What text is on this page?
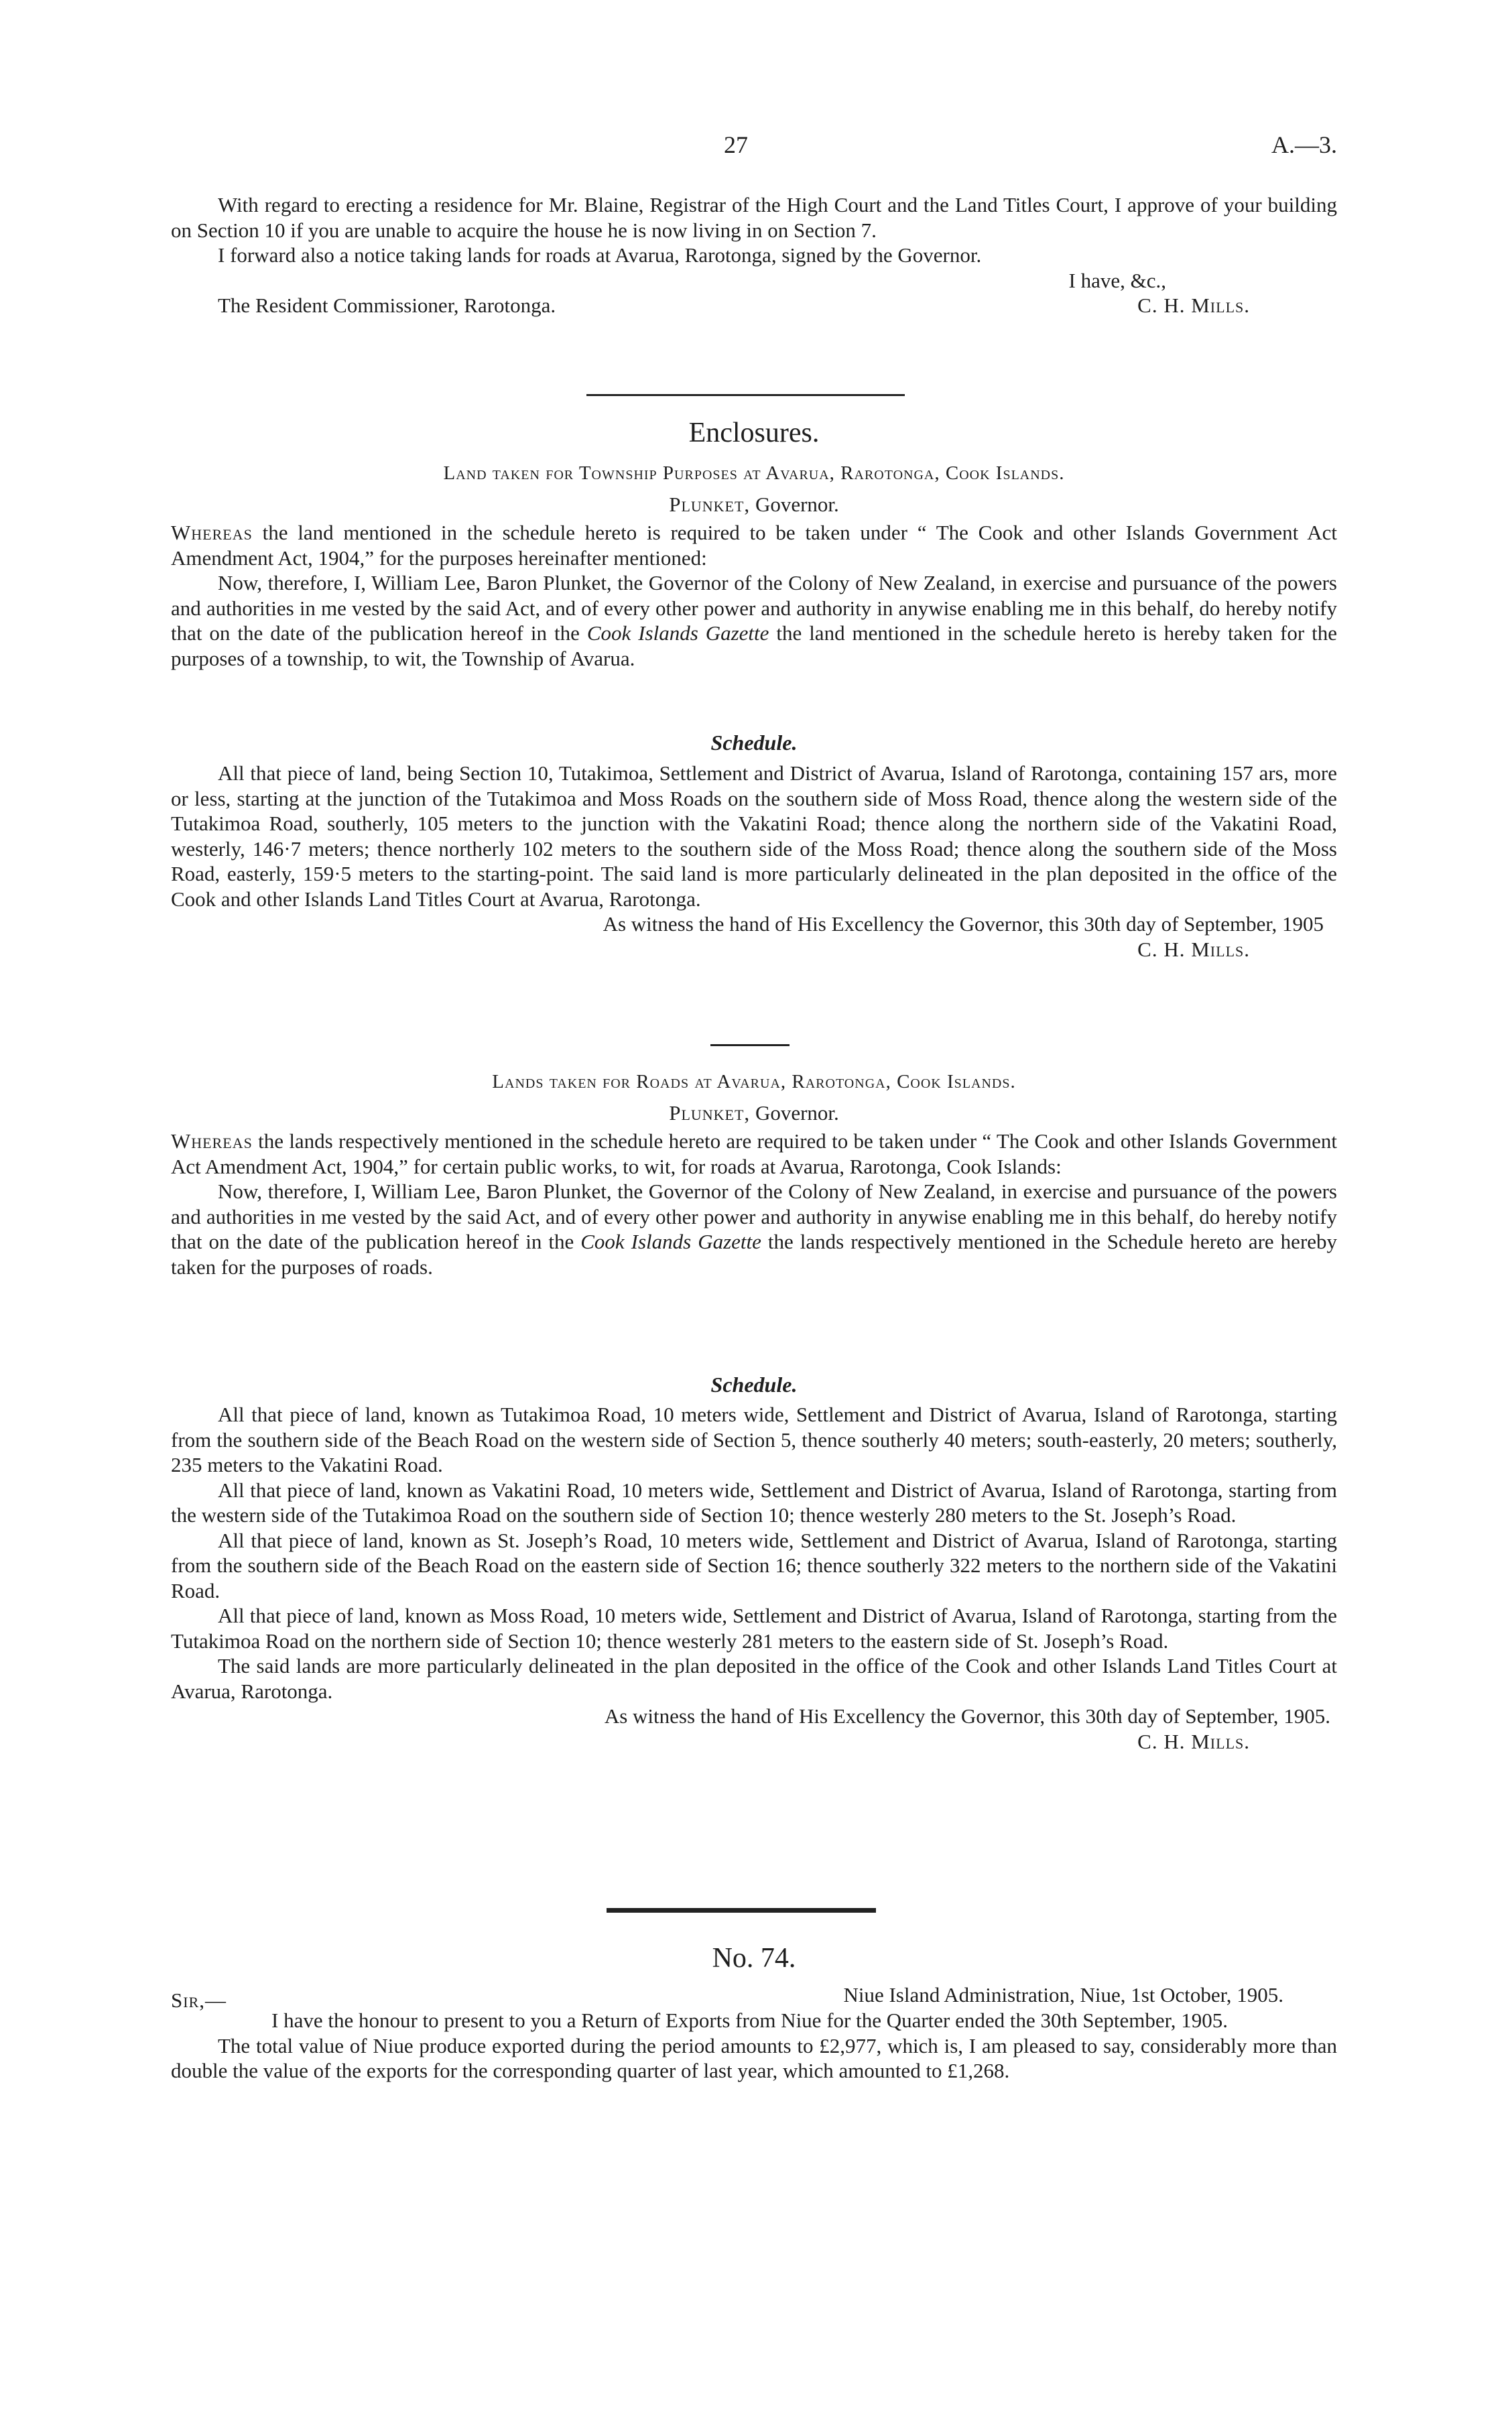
27	A.—3.

With regard to erecting a residence for Mr. Blaine, Registrar of the High Court and the Land Titles Court, I approve of your building on Section 10 if you are unable to acquire the house he is now living in on Section 7.

I forward also a notice taking lands for roads at Avarua, Rarotonga, signed by the Governor.

I have, &c.,

The Resident Commissioner, Rarotonga.	C. H. Mills.
Enclosures.
Land taken for Township Purposes at Avarua, Rarotonga, Cook Islands.
Plunket, Governor.

Whereas the land mentioned in the schedule hereto is required to be taken under “ The Cook and other Islands Government Act Amendment Act, 1904,” for the purposes hereinafter mentioned:

Now, therefore, I, William Lee, Baron Plunket, the Governor of the Colony of New Zealand, in exercise and pursuance of the powers and authorities in me vested by the said Act, and of every other power and authority in anywise enabling me in this behalf, do hereby notify that on the date of the publication hereof in the Cook Islands Gazette the land mentioned in the schedule hereto is hereby taken for the purposes of a township, to wit, the Township of Avarua.

Schedule.

All that piece of land, being Section 10, Tutakimoa, Settlement and District of Avarua, Island of Rarotonga, containing 157 ars, more or less, starting at the junction of the Tutakimoa and Moss Roads on the southern side of Moss Road, thence along the western side of the Tutakimoa Road, southerly, 105 meters to the junction with the Vakatini Road; thence along the northern side of the Vakatini Road, westerly, 146·7 meters; thence northerly 102 meters to the southern side of the Moss Road; thence along the southern side of the Moss Road, easterly, 159·5 meters to the starting-point. The said land is more particularly delineated in the plan deposited in the office of the Cook and other Islands Land Titles Court at Avarua, Rarotonga.

As witness the hand of His Excellency the Governor, this 30th day of September, 1905

C. H. Mills.

Lands taken for Roads at Avarua, Rarotonga, Cook Islands.
Plunket, Governor.

Whereas the lands respectively mentioned in the schedule hereto are required to be taken under “ The Cook and other Islands Government Act Amendment Act, 1904,” for certain public works, to wit, for roads at Avarua, Rarotonga, Cook Islands:

Now, therefore, I, William Lee, Baron Plunket, the Governor of the Colony of New Zealand, in exercise and pursuance of the powers and authorities in me vested by the said Act, and of every other power and authority in anywise enabling me in this behalf, do hereby notify that on the date of the publication hereof in the Cook Islands Gazette the lands respectively mentioned in the Schedule hereto are hereby taken for the purposes of roads.

Schedule.

All that piece of land, known as Tutakimoa Road, 10 meters wide, Settlement and District of Avarua, Island of Rarotonga, starting from the southern side of the Beach Road on the western side of Section 5, thence southerly 40 meters; south-easterly, 20 meters; southerly, 235 meters to the Vakatini Road.

All that piece of land, known as Vakatini Road, 10 meters wide, Settlement and District of Avarua, Island of Rarotonga, starting from the western side of the Tutakimoa Road on the southern side of Section 10; thence westerly 280 meters to the St. Joseph’s Road.

All that piece of land, known as St. Joseph’s Road, 10 meters wide, Settlement and District of Avarua, Island of Rarotonga, starting from the southern side of the Beach Road on the eastern side of Section 16; thence southerly 322 meters to the northern side of the Vakatini Road.

All that piece of land, known as Moss Road, 10 meters wide, Settlement and District of Avarua, Island of Rarotonga, starting from the Tutakimoa Road on the northern side of Section 10; thence westerly 281 meters to the eastern side of St. Joseph’s Road.

The said lands are more particularly delineated in the plan deposited in the office of the Cook and other Islands Land Titles Court at Avarua, Rarotonga.

As witness the hand of His Excellency the Governor, this 30th day of September, 1905.

C. H. Mills.

No. 74.
Sir,—	Niue Island Administration, Niue, 1st October, 1905.

I have the honour to present to you a Return of Exports from Niue for the Quarter ended the 30th September, 1905.

The total value of Niue produce exported during the period amounts to £2,977, which is, I am pleased to say, considerably more than double the value of the exports for the corresponding quarter of last year, which amounted to £1,268.
